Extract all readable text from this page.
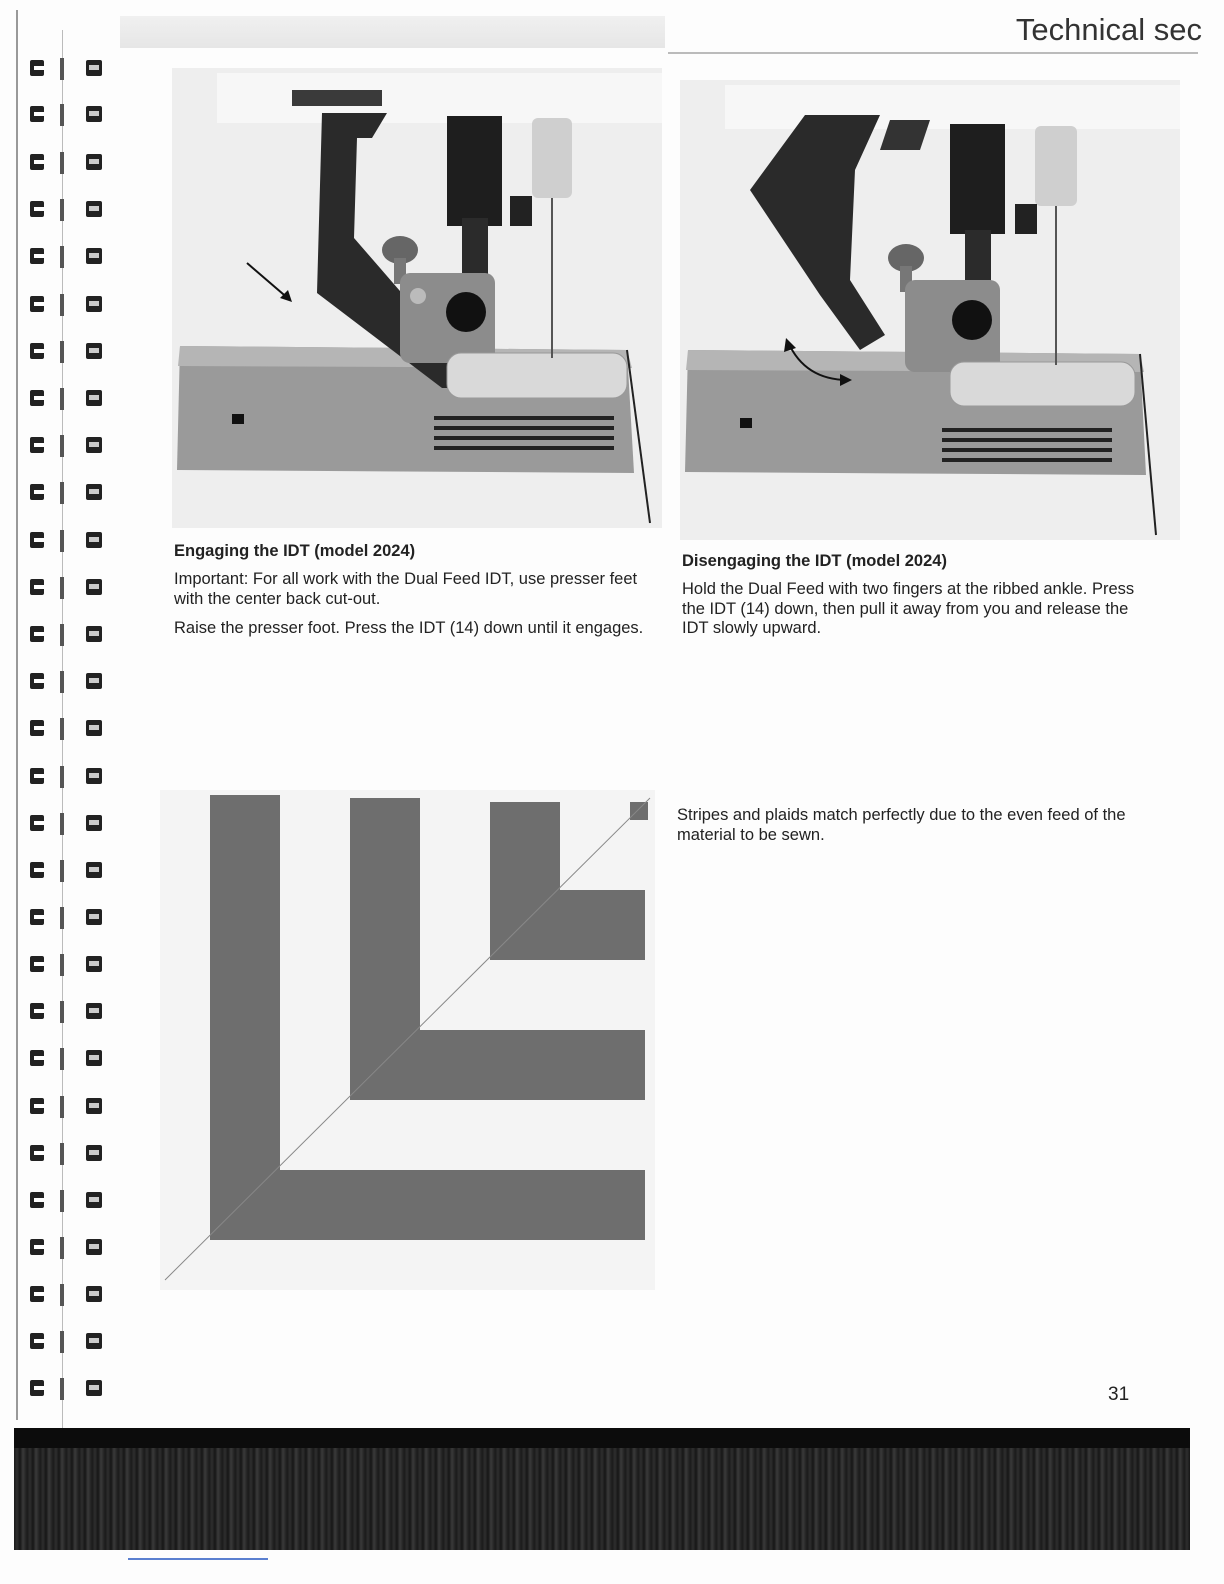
Technical sec
Engaging the IDT (model 2024)

Important: For all work with the Dual Feed IDT, use presser feet with the center back cut-out.

Raise the presser foot. Press the IDT (14) down until it engages.

Disengaging the IDT (model 2024)

Hold the Dual Feed with two fingers at the ribbed ankle. Press the IDT (14) down, then pull it away from you and release the IDT slowly upward.

Stripes and plaids match perfectly due to the even feed of the material to be sewn.

31
